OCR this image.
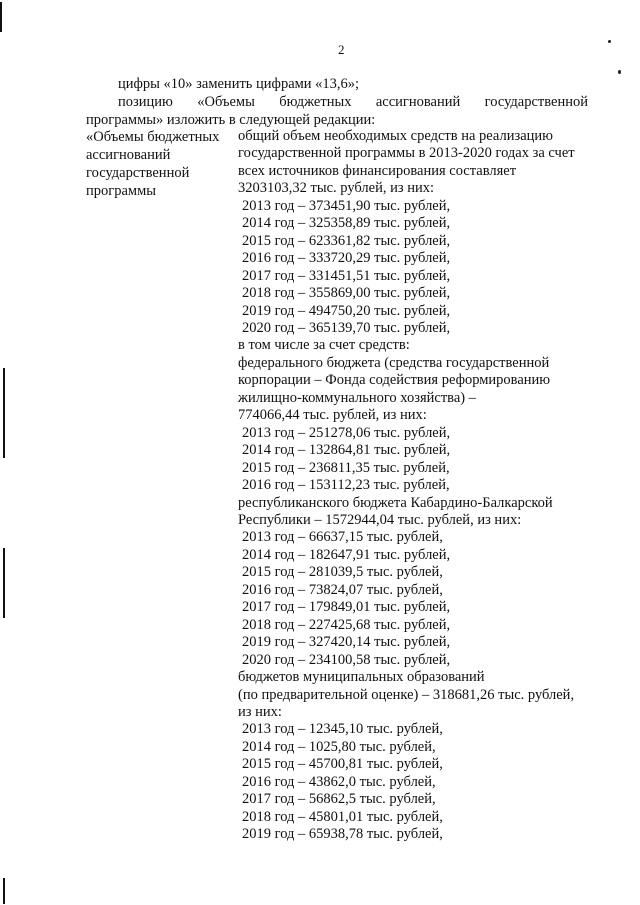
2
цифры «10» заменить цифрами «13,6»;
позицию «Объемы бюджетных ассигнований государственной
программы» изложить в следующей редакции:
«Объемы бюджетных
ассигнований
государственной
программы
общий объем необходимых средств на реализацию
государственной программы в 2013-2020 годах за счет
всех источников финансирования составляет
3203103,32 тыс. рублей, из них:
2013 год – 373451,90 тыс. рублей,
2014 год – 325358,89 тыс. рублей,
2015 год – 623361,82 тыс. рублей,
2016 год – 333720,29 тыс. рублей,
2017 год – 331451,51 тыс. рублей,
2018 год – 355869,00 тыс. рублей,
2019 год – 494750,20 тыс. рублей,
2020 год – 365139,70 тыс. рублей,
в том числе за счет средств:
федерального бюджета (средства государственной
корпорации – Фонда содействия реформированию
жилищно-коммунального хозяйства) –
774066,44 тыс. рублей, из них:
2013 год – 251278,06 тыс. рублей,
2014 год – 132864,81 тыс. рублей,
2015 год – 236811,35 тыс. рублей,
2016 год – 153112,23 тыс. рублей,
республиканского бюджета Кабардино-Балкарской
Республики – 1572944,04 тыс. рублей, из них:
2013 год – 66637,15 тыс. рублей,
2014 год – 182647,91 тыс. рублей,
2015 год – 281039,5 тыс. рублей,
2016 год – 73824,07 тыс. рублей,
2017 год – 179849,01 тыс. рублей,
2018 год – 227425,68 тыс. рублей,
2019 год – 327420,14 тыс. рублей,
2020 год – 234100,58 тыс. рублей,
бюджетов муниципальных образований
(по предварительной оценке) – 318681,26 тыс. рублей,
из них:
2013 год – 12345,10 тыс. рублей,
2014 год – 1025,80 тыс. рублей,
2015 год – 45700,81 тыс. рублей,
2016 год – 43862,0 тыс. рублей,
2017 год – 56862,5 тыс. рублей,
2018 год – 45801,01 тыс. рублей,
2019 год – 65938,78 тыс. рублей,
